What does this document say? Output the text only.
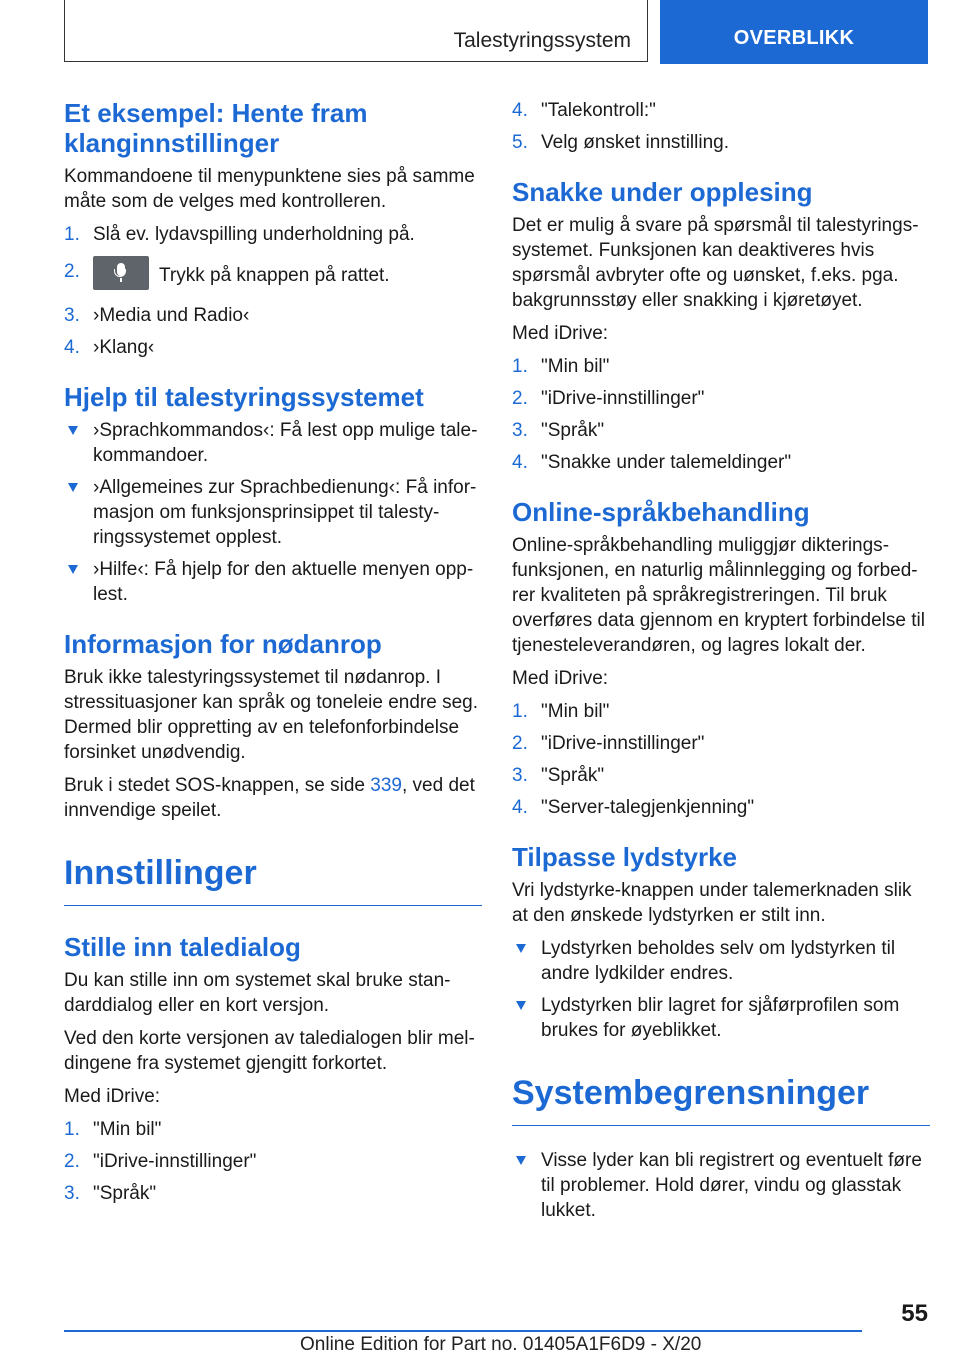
Talestyringssystem	OVERBLIKK
Et eksempel: Hente fram klanginnstillinger

Kommandoene til menypunktene sies på samme måte som de velges med kontrolleren.

1. Slå ev. lydavspilling underholdning på.
2.	Trykk på knappen på rattet.
3. ›Media und Radio‹
4. ›Klang‹
Hjelp til talestyringssystemet
›Sprachkommandos‹: Få lest opp mulige talekommandoer.
›Allgemeines zur Sprachbedienung‹: Få informasjon om funksjonsprinsippet til talestyringssystemet opplest.
›Hilfe‹: Få hjelp for den aktuelle menyen opplest.
Informasjon for nødanrop

Bruk ikke talestyringssystemet til nødanrop. I stressituasjoner kan språk og toneleie endre seg. Dermed blir oppretting av en telefonforbindelse forsinket unødvendig.

Bruk i stedet SOS-knappen, se side 339, ved det innvendige speilet.

Innstillinger
Stille inn taledialog

Du kan stille inn om systemet skal bruke standarddialog eller en kort versjon.

Ved den korte versjonen av taledialogen blir meldingene fra systemet gjengitt forkortet.

Med iDrive:

1. "Min bil"
2. "iDrive-innstillinger"
3. "Språk"
4. "Talekontroll:"
5. Velg ønsket innstilling.
Snakke under opplesing

Det er mulig å svare på spørsmål til talestyringssystemet. Funksjonen kan deaktiveres hvis spørsmål avbryter ofte og uønsket, f.eks. pga. bakgrunnsstøy eller snakking i kjøretøyet.

Med iDrive:

1. "Min bil"
2. "iDrive-innstillinger"
3. "Språk"
4. "Snakke under talemeldinger"
Online-språkbehandling

Online-språkbehandling muliggjør dikteringsfunksjonen, en naturlig målinnlegging og forbedrer kvaliteten på språkregistreringen. Til bruk overføres data gjennom en kryptert forbindelse til tjenesteleverandøren, og lagres lokalt der.

Med iDrive:

1. "Min bil"
2. "iDrive-innstillinger"
3. "Språk"
4. "Server-talegjenkjenning"
Tilpasse lydstyrke

Vri lydstyrke-knappen under talemerknaden slik at den ønskede lydstyrken er stilt inn.

Lydstyrken beholdes selv om lydstyrken til andre lydkilder endres.
Lydstyrken blir lagret for sjåførprofilen som brukes for øyeblikket.
Systembegrensninger
Visse lyder kan bli registrert og eventuelt føre til problemer. Hold dører, vindu og glasstak lukket.
55
Online Edition for Part no. 01405A1F6D9 - X/20
